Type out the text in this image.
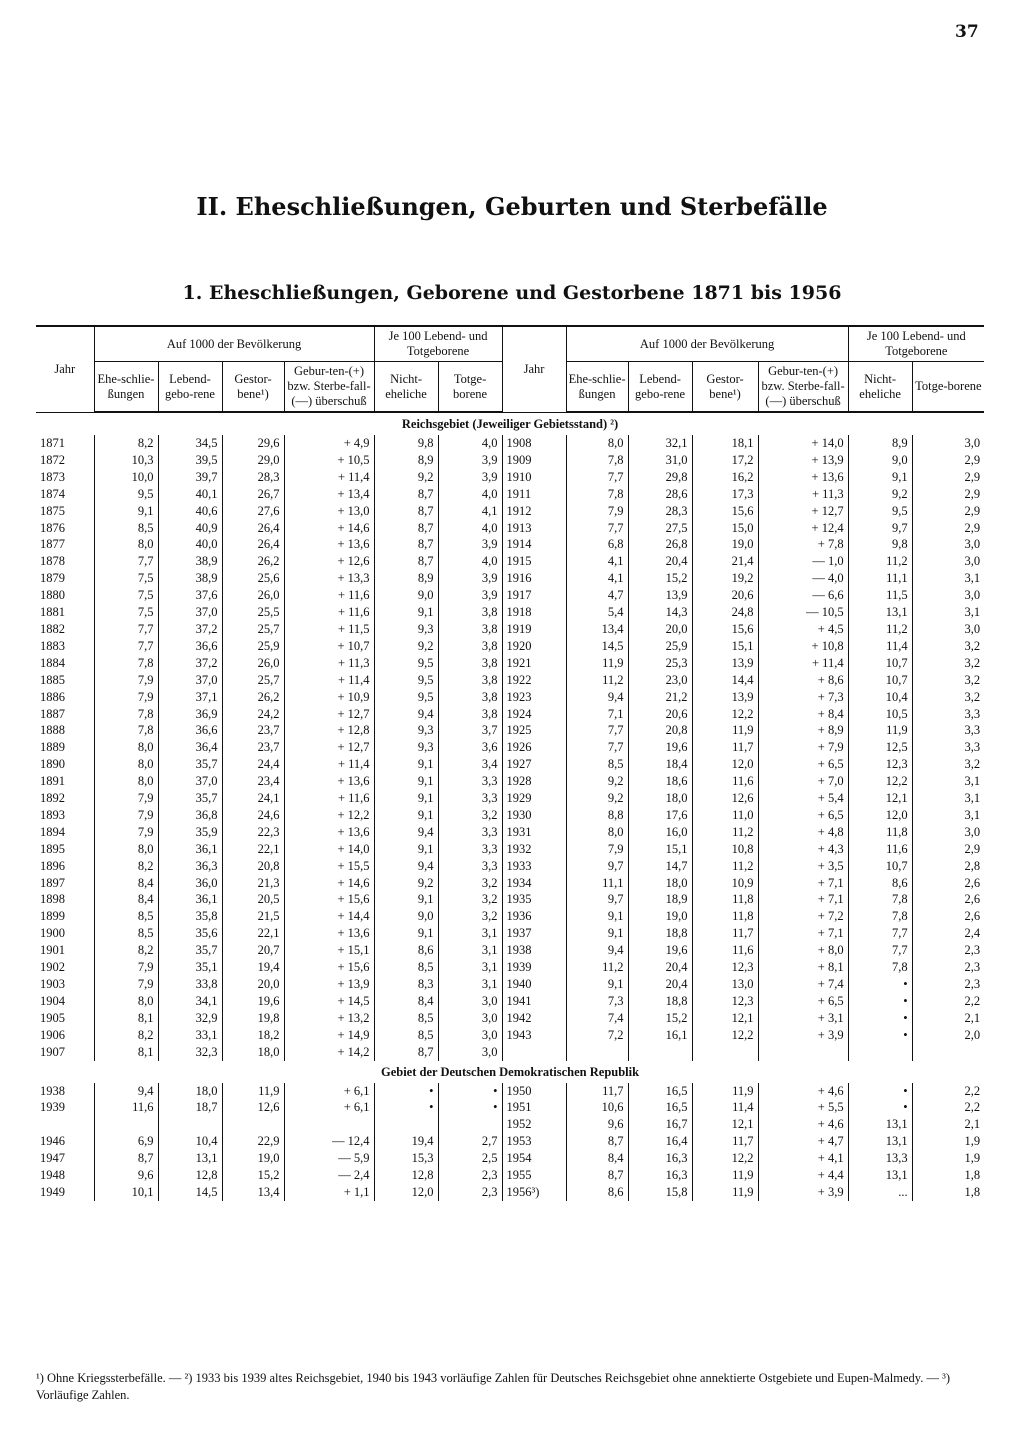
37
II. Eheschließungen, Geburten und Sterbefälle
1. Eheschließungen, Geborene und Gestorbene 1871 bis 1956
Jahr	Auf 1000 der Bevölkerung				Je 100 Lebend- und Totgeborene		Jahr	Auf 1000 der Bevölkerung				Je 100 Lebend- und Totgeborene	
	Ehe-schlie-ßungen	Lebend-gebo-rene	Gestor-bene¹)	Gebur-ten-(+) bzw. Sterbe-fall-(—) überschuß	Nicht-eheliche	Totge-borene		Ehe-schlie-ßungen	Lebend-gebo-rene	Gestor-bene¹)	Gebur-ten-(+) bzw. Sterbe-fall-(—) überschuß	Nicht-eheliche	Totge-borene
Reichsgebiet (Jeweiliger Gebietsstand) ²)													
1871	8,2	34,5	29,6	+ 4,9	9,8	4,0	1908	8,0	32,1	18,1	+ 14,0	8,9	3,0
1872	10,3	39,5	29,0	+ 10,5	8,9	3,9	1909	7,8	31,0	17,2	+ 13,9	9,0	2,9
1873	10,0	39,7	28,3	+ 11,4	9,2	3,9	1910	7,7	29,8	16,2	+ 13,6	9,1	2,9
1874	9,5	40,1	26,7	+ 13,4	8,7	4,0	1911	7,8	28,6	17,3	+ 11,3	9,2	2,9
1875	9,1	40,6	27,6	+ 13,0	8,7	4,1	1912	7,9	28,3	15,6	+ 12,7	9,5	2,9
1876	8,5	40,9	26,4	+ 14,6	8,7	4,0	1913	7,7	27,5	15,0	+ 12,4	9,7	2,9
1877	8,0	40,0	26,4	+ 13,6	8,7	3,9	1914	6,8	26,8	19,0	+ 7,8	9,8	3,0
1878	7,7	38,9	26,2	+ 12,6	8,7	4,0	1915	4,1	20,4	21,4	— 1,0	11,2	3,0
1879	7,5	38,9	25,6	+ 13,3	8,9	3,9	1916	4,1	15,2	19,2	— 4,0	11,1	3,1
1880	7,5	37,6	26,0	+ 11,6	9,0	3,9	1917	4,7	13,9	20,6	— 6,6	11,5	3,0
1881	7,5	37,0	25,5	+ 11,6	9,1	3,8	1918	5,4	14,3	24,8	— 10,5	13,1	3,1
1882	7,7	37,2	25,7	+ 11,5	9,3	3,8	1919	13,4	20,0	15,6	+ 4,5	11,2	3,0
1883	7,7	36,6	25,9	+ 10,7	9,2	3,8	1920	14,5	25,9	15,1	+ 10,8	11,4	3,2
1884	7,8	37,2	26,0	+ 11,3	9,5	3,8	1921	11,9	25,3	13,9	+ 11,4	10,7	3,2
1885	7,9	37,0	25,7	+ 11,4	9,5	3,8	1922	11,2	23,0	14,4	+ 8,6	10,7	3,2
1886	7,9	37,1	26,2	+ 10,9	9,5	3,8	1923	9,4	21,2	13,9	+ 7,3	10,4	3,2
1887	7,8	36,9	24,2	+ 12,7	9,4	3,8	1924	7,1	20,6	12,2	+ 8,4	10,5	3,3
1888	7,8	36,6	23,7	+ 12,8	9,3	3,7	1925	7,7	20,8	11,9	+ 8,9	11,9	3,3
1889	8,0	36,4	23,7	+ 12,7	9,3	3,6	1926	7,7	19,6	11,7	+ 7,9	12,5	3,3
1890	8,0	35,7	24,4	+ 11,4	9,1	3,4	1927	8,5	18,4	12,0	+ 6,5	12,3	3,2
1891	8,0	37,0	23,4	+ 13,6	9,1	3,3	1928	9,2	18,6	11,6	+ 7,0	12,2	3,1
1892	7,9	35,7	24,1	+ 11,6	9,1	3,3	1929	9,2	18,0	12,6	+ 5,4	12,1	3,1
1893	7,9	36,8	24,6	+ 12,2	9,1	3,2	1930	8,8	17,6	11,0	+ 6,5	12,0	3,1
1894	7,9	35,9	22,3	+ 13,6	9,4	3,3	1931	8,0	16,0	11,2	+ 4,8	11,8	3,0
1895	8,0	36,1	22,1	+ 14,0	9,1	3,3	1932	7,9	15,1	10,8	+ 4,3	11,6	2,9
1896	8,2	36,3	20,8	+ 15,5	9,4	3,3	1933	9,7	14,7	11,2	+ 3,5	10,7	2,8
1897	8,4	36,0	21,3	+ 14,6	9,2	3,2	1934	11,1	18,0	10,9	+ 7,1	8,6	2,6
1898	8,4	36,1	20,5	+ 15,6	9,1	3,2	1935	9,7	18,9	11,8	+ 7,1	7,8	2,6
1899	8,5	35,8	21,5	+ 14,4	9,0	3,2	1936	9,1	19,0	11,8	+ 7,2	7,8	2,6
1900	8,5	35,6	22,1	+ 13,6	9,1	3,1	1937	9,1	18,8	11,7	+ 7,1	7,7	2,4
1901	8,2	35,7	20,7	+ 15,1	8,6	3,1	1938	9,4	19,6	11,6	+ 8,0	7,7	2,3
1902	7,9	35,1	19,4	+ 15,6	8,5	3,1	1939	11,2	20,4	12,3	+ 8,1	7,8	2,3
1903	7,9	33,8	20,0	+ 13,9	8,3	3,1	1940	9,1	20,4	13,0	+ 7,4	•	2,3
1904	8,0	34,1	19,6	+ 14,5	8,4	3,0	1941	7,3	18,8	12,3	+ 6,5	•	2,2
1905	8,1	32,9	19,8	+ 13,2	8,5	3,0	1942	7,4	15,2	12,1	+ 3,1	•	2,1
1906	8,2	33,1	18,2	+ 14,9	8,5	3,0	1943	7,2	16,1	12,2	+ 3,9	•	2,0
1907	8,1	32,3	18,0	+ 14,2	8,7	3,0							
Gebiet der Deutschen Demokratischen Republik													
1938	9,4	18,0	11,9	+ 6,1	•	•	1950	11,7	16,5	11,9	+ 4,6	•	2,2
1939	11,6	18,7	12,6	+ 6,1	•	•	1951	10,6	16,5	11,4	+ 5,5	•	2,2
							1952	9,6	16,7	12,1	+ 4,6	13,1	2,1
1946	6,9	10,4	22,9	— 12,4	19,4	2,7	1953	8,7	16,4	11,7	+ 4,7	13,1	1,9
1947	8,7	13,1	19,0	— 5,9	15,3	2,5	1954	8,4	16,3	12,2	+ 4,1	13,3	1,9
1948	9,6	12,8	15,2	— 2,4	12,8	2,3	1955	8,7	16,3	11,9	+ 4,4	13,1	1,8
1949	10,1	14,5	13,4	+ 1,1	12,0	2,3	1956³)	8,6	15,8	11,9	+ 3,9	...	1,8
¹) Ohne Kriegssterbefälle. — ²) 1933 bis 1939 altes Reichsgebiet, 1940 bis 1943 vorläufige Zahlen für Deutsches Reichsgebiet ohne annektierte Ostgebiete und Eupen-Malmedy. — ³) Vorläufige Zahlen.
